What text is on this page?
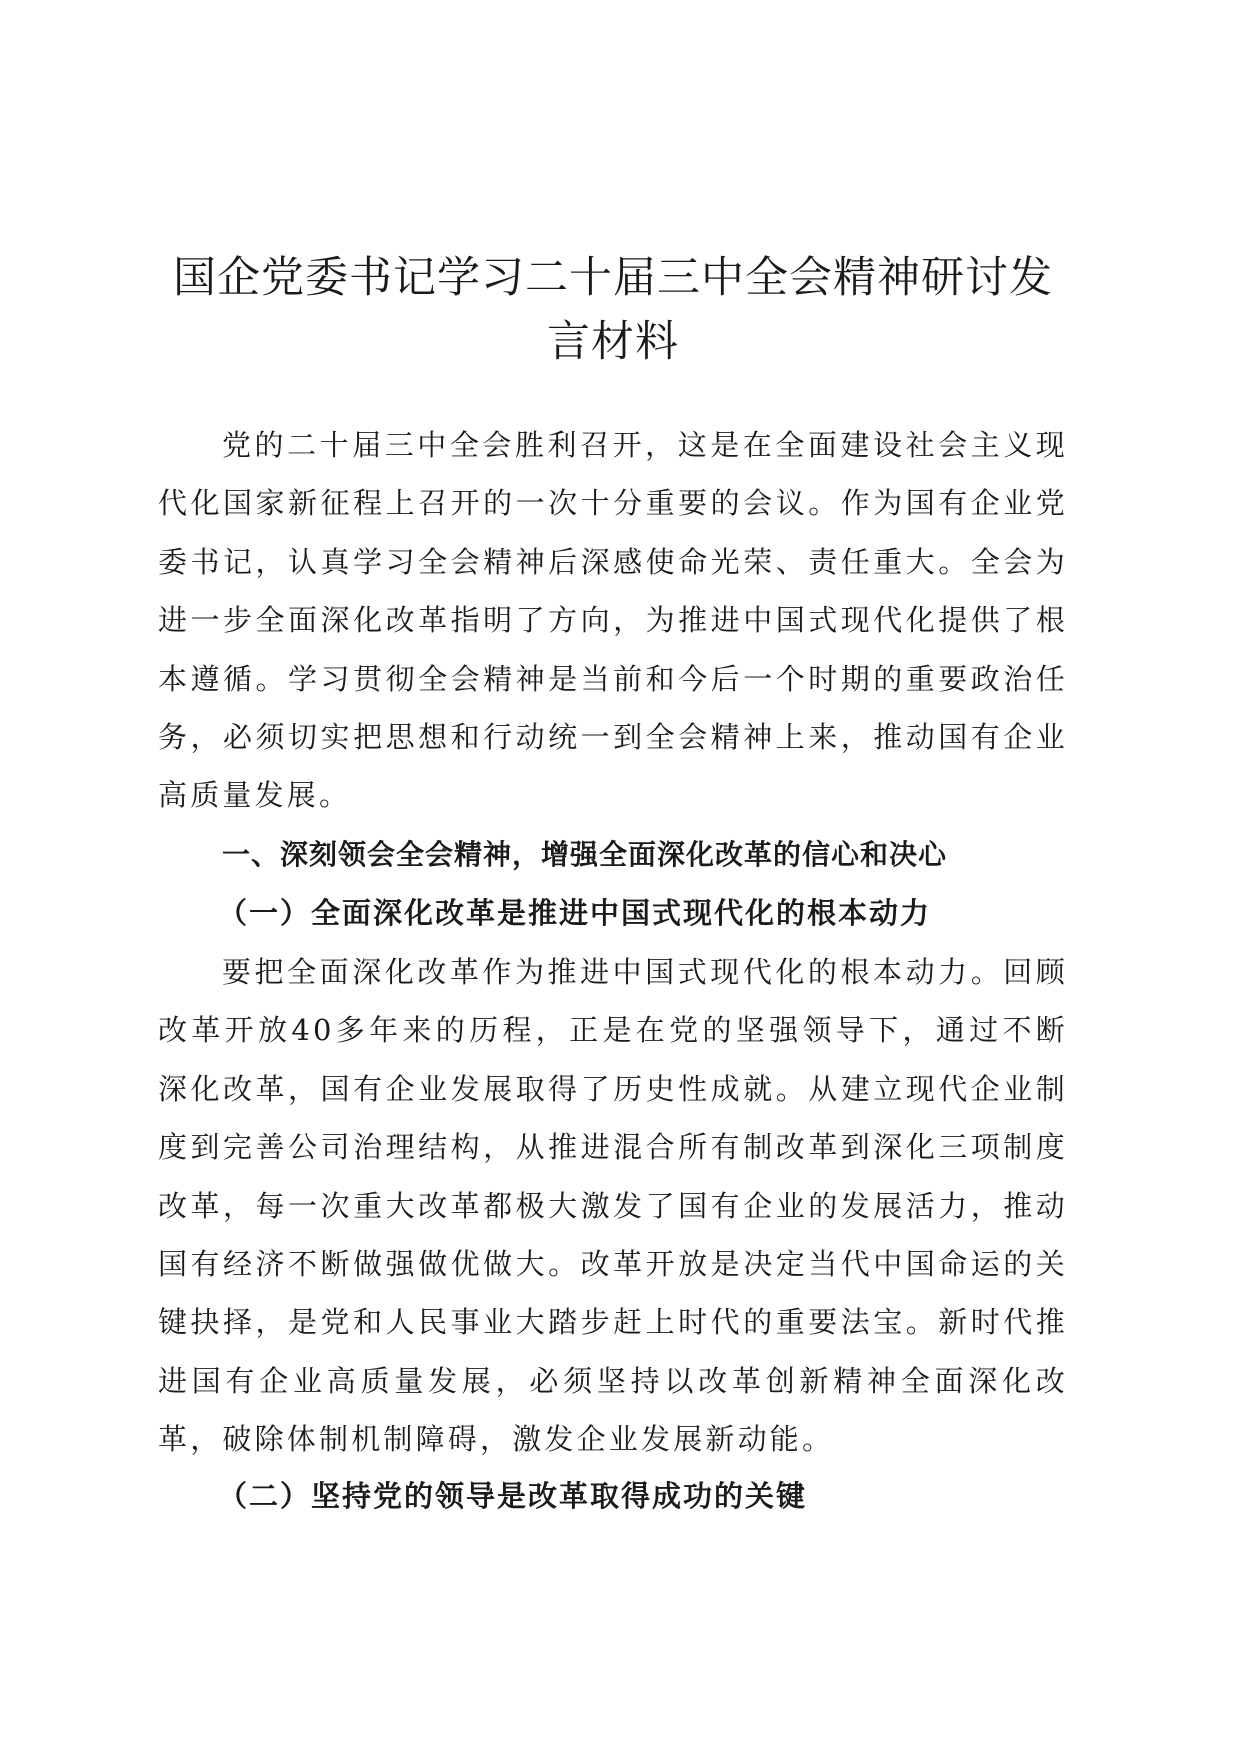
国企党委书记学习二十届三中全会精神研讨发言材料

党的二十届三中全会胜利召开，这是在全面建设社会主义现代化国家新征程上召开的一次十分重要的会议。作为国有企业党委书记，认真学习全会精神后深感使命光荣、责任重大。全会为进一步全面深化改革指明了方向，为推进中国式现代化提供了根本遵循。学习贯彻全会精神是当前和今后一个时期的重要政治任务，必须切实把思想和行动统一到全会精神上来，推动国有企业高质量发展。

一、深刻领会全会精神，增强全面深化改革的信心和决心
（一）全面深化改革是推进中国式现代化的根本动力

要把全面深化改革作为推进中国式现代化的根本动力。回顾改革开放40多年来的历程，正是在党的坚强领导下，通过不断深化改革，国有企业发展取得了历史性成就。从建立现代企业制度到完善公司治理结构，从推进混合所有制改革到深化三项制度改革，每一次重大改革都极大激发了国有企业的发展活力，推动国有经济不断做强做优做大。改革开放是决定当代中国命运的关键抉择，是党和人民事业大踏步赶上时代的重要法宝。新时代推进国有企业高质量发展，必须坚持以改革创新精神全面深化改革，破除体制机制障碍，激发企业发展新动能。

（二）坚持党的领导是改革取得成功的关键
